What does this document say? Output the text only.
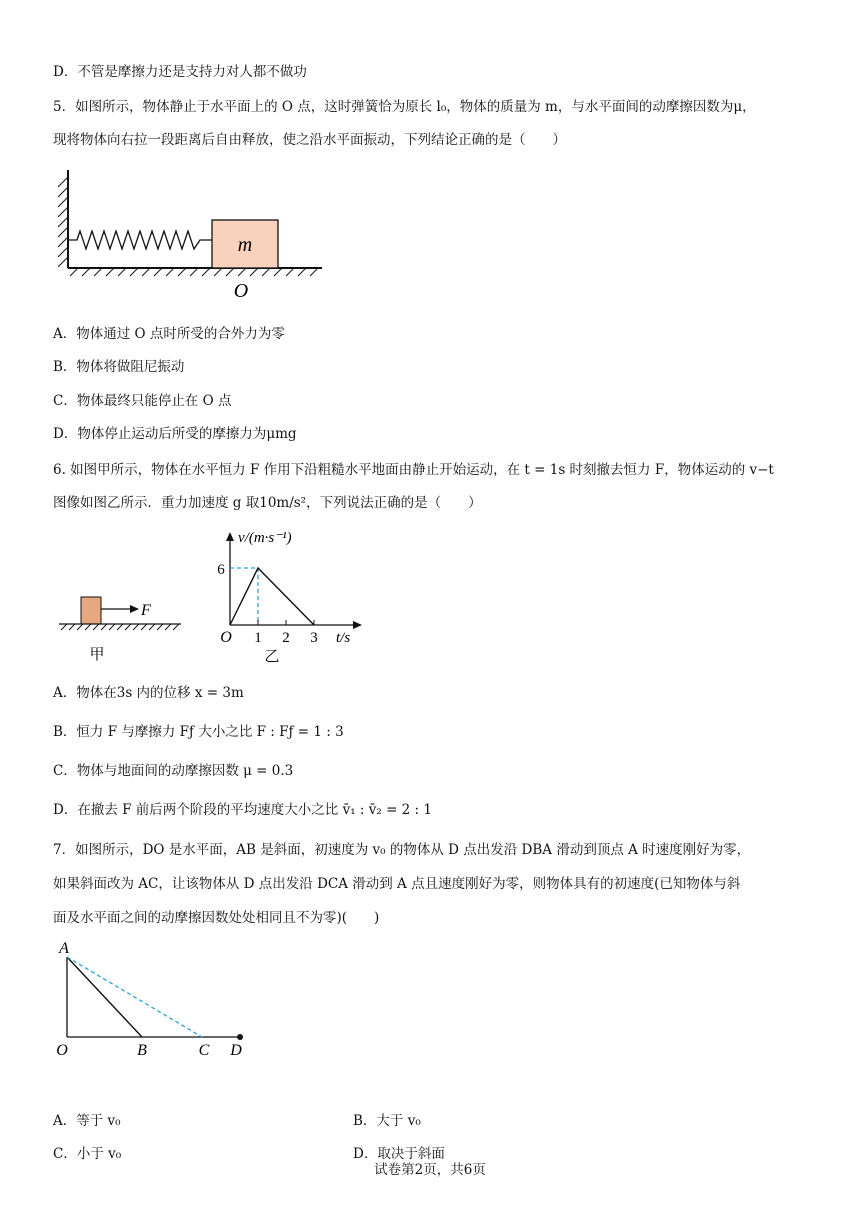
D．不管是摩擦力还是支持力对人都不做功
5．如图所示，物体静止于水平面上的 O 点，这时弹簧恰为原长 l₀，物体的质量为 m，与水平面间的动摩擦因数为μ，
现将物体向右拉一段距离后自由释放，使之沿水平面振动，下列结论正确的是（　　）
m
O
A．物体通过 O 点时所受的合外力为零
B．物体将做阻尼振动
C．物体最终只能停止在 O 点
D．物体停止运动后所受的摩擦力为μmg
6. 如图甲所示，物体在水平恒力 F 作用下沿粗糙水平地面由静止开始运动，在 t = 1s 时刻撤去恒力 F，物体运动的 v−t
图像如图乙所示．重力加速度 g 取10m/s²，下列说法正确的是（　　）
F
甲
v/(m·s⁻¹)
6
O 1 2 3 t/s
乙
A．物体在3s 内的位移 x = 3m
B．恒力 F 与摩擦力 Fƒ 大小之比 F : Fƒ = 1 : 3
C．物体与地面间的动摩擦因数 μ = 0.3
D．在撤去 F 前后两个阶段的平均速度大小之比 v̄₁ : v̄₂ = 2 : 1
7．如图所示，DO 是水平面，AB 是斜面，初速度为 v₀ 的物体从 D 点出发沿 DBA 滑动到顶点 A 时速度刚好为零，
如果斜面改为 AC，让该物体从 D 点出发沿 DCA 滑动到 A 点且速度刚好为零，则物体具有的初速度(已知物体与斜
面及水平面之间的动摩擦因数处处相同且不为零)(　　)
A
O	B	C D
A．等于 v₀	B．大于 v₀
C．小于 v₀	D．取决于斜面
试卷第2页，共6页
